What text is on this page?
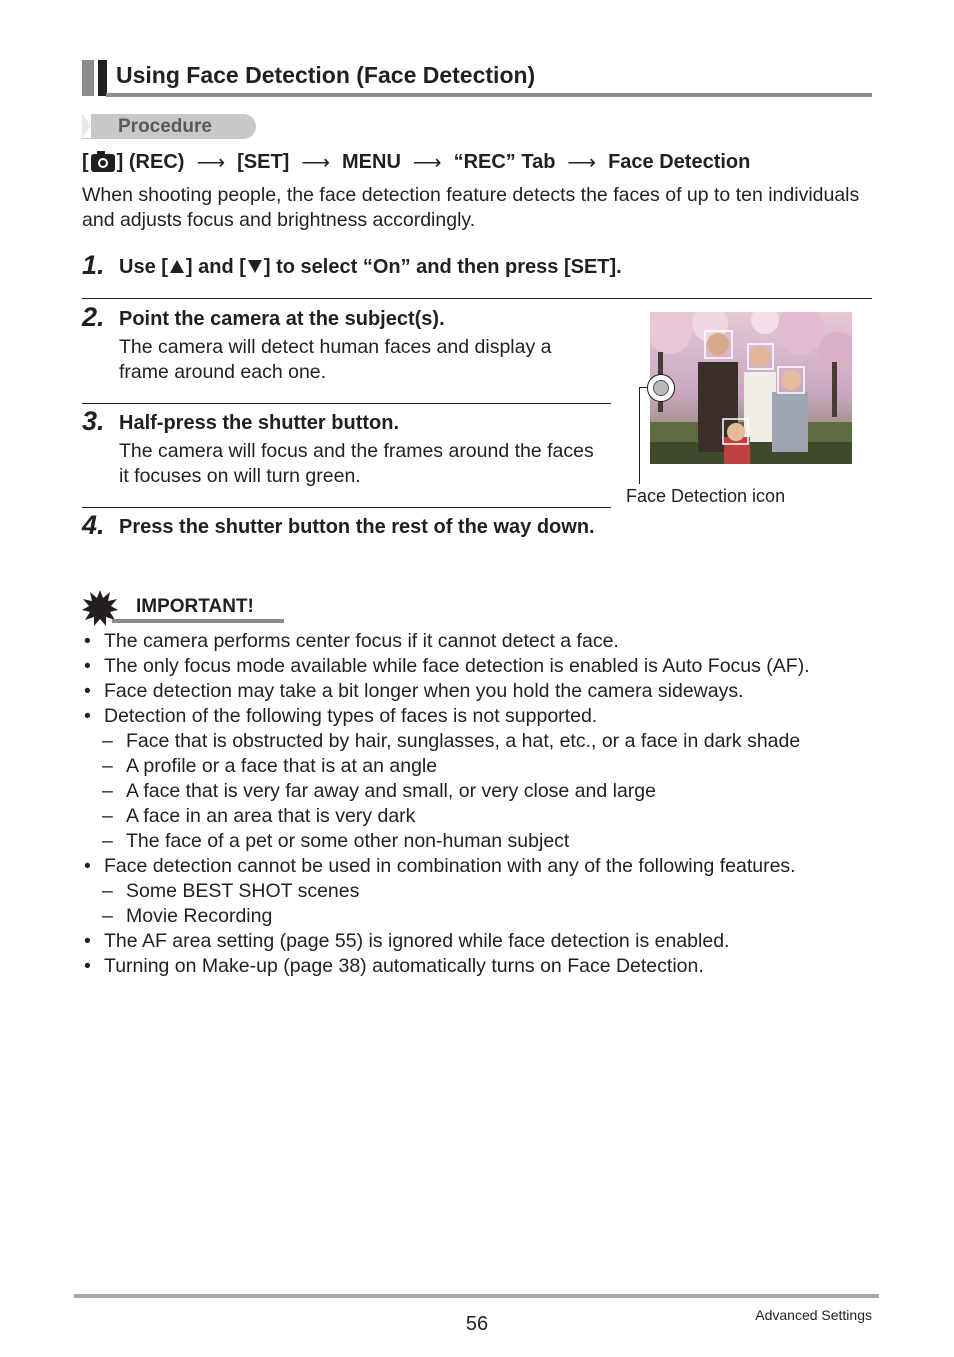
Using Face Detection (Face Detection)
Procedure
[ ] (REC) ⟶ [SET] ⟶ MENU ⟶ “REC” Tab ⟶ Face Detection
When shooting people, the face detection feature detects the faces of up to ten individuals and adjusts focus and brightness accordingly.
1. Use [ ] and [ ] to select “On” and then press [SET].
2. Point the camera at the subject(s).
The camera will detect human faces and display a frame around each one.
3. Half-press the shutter button.
The camera will focus and the frames around the faces it focuses on will turn green.
4. Press the shutter button the rest of the way down.
Face Detection icon
IMPORTANT!
• The camera performs center focus if it cannot detect a face.
• The only focus mode available while face detection is enabled is Auto Focus (AF).
• Face detection may take a bit longer when you hold the camera sideways.
• Detection of the following types of faces is not supported.
– Face that is obstructed by hair, sunglasses, a hat, etc., or a face in dark shade
– A profile or a face that is at an angle
– A face that is very far away and small, or very close and large
– A face in an area that is very dark
– The face of a pet or some other non-human subject
• Face detection cannot be used in combination with any of the following features.
– Some BEST SHOT scenes
– Movie Recording
• The AF area setting (page 55) is ignored while face detection is enabled.
• Turning on Make-up (page 38) automatically turns on Face Detection.
56	Advanced Settings
